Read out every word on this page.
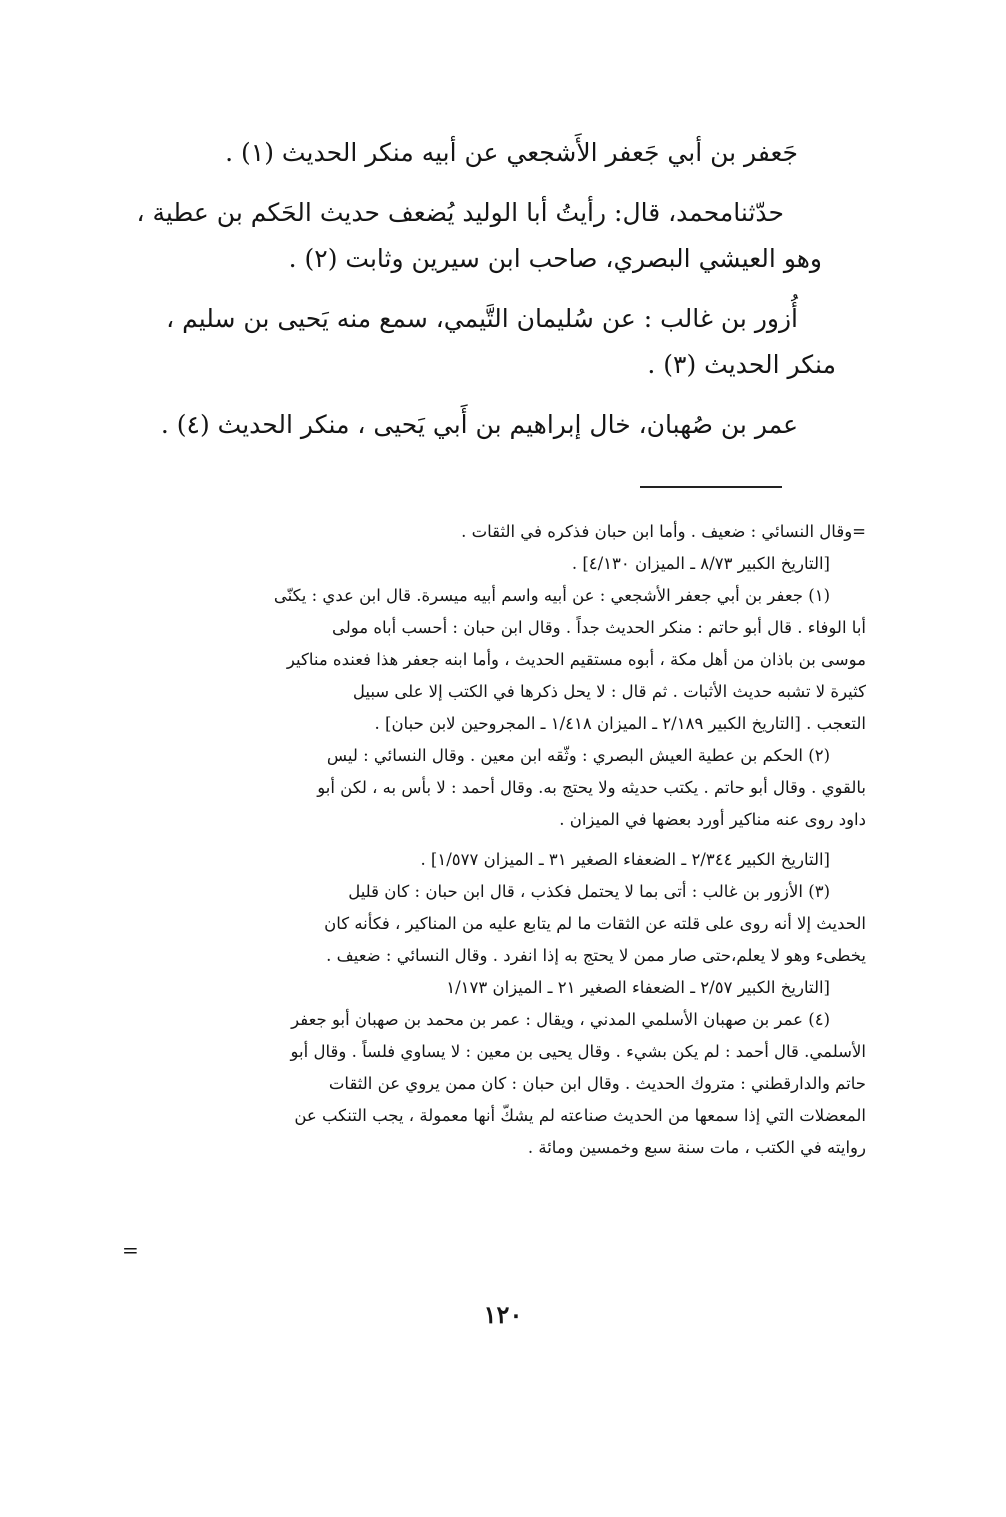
جَعفر بن أبي جَعفر الأَشجعي عن أبيه منكر الحديث (١) .
حدّثنامحمد، قال: رأيتُ أبا الوليد يُضعف حديث الحَكم بن عطية ،
وهو العيشي البصري، صاحب ابن سيرين وثابت (٢) .
أُزور بن غالب : عن سُليمان التَّيمي، سمع منه يَحيى بن سليم ،
منكر الحديث (٣) .
عمر بن صُهبان، خال إبراهيم بن أَبي يَحيى ، منكر الحديث (٤) .
=وقال النسائي : ضعيف . وأما ابن حبان فذكره في الثقات .
[التاريخ الكبير ٨/٧٣ ـ الميزان ٤/١٣٠] .
(١) جعفر بن أبي جعفر الأشجعي : عن أبيه واسم أبيه ميسرة. قال ابن عدي : يكنّى
أبا الوفاء . قال أبو حاتم : منكر الحديث جداً . وقال ابن حبان : أحسب أباه مولى
موسى بن باذان من أهل مكة ، أبوه مستقيم الحديث ، وأما ابنه جعفر هذا فعنده مناكير
كثيرة لا تشبه حديث الأثبات . ثم قال : لا يحل ذكرها في الكتب إلا على سبيل
التعجب . [التاريخ الكبير ٢/١٨٩ ـ الميزان ١/٤١٨ ـ المجروحين لابن حبان] .
(٢) الحكم بن عطية العيش البصري : وثّقه ابن معين . وقال النسائي : ليس
بالقوي . وقال أبو حاتم . يكتب حديثه ولا يحتج به. وقال أحمد : لا بأس به ، لكن أبو
داود روى عنه مناكير أورد بعضها في الميزان .
[التاريخ الكبير ٢/٣٤٤ ـ الضعفاء الصغير ٣١ ـ الميزان ١/٥٧٧] .
(٣) الأزور بن غالب : أتى بما لا يحتمل فكذب ، قال ابن حبان : كان قليل
الحديث إلا أنه روى على قلته عن الثقات ما لم يتابع عليه من المناكير ، فكأنه كان
يخطىء وهو لا يعلم،حتى صار ممن لا يحتج به إذا انفرد . وقال النسائي : ضعيف .
[التاريخ الكبير ٢/٥٧ ـ الضعفاء الصغير ٢١ ـ الميزان ١/١٧٣
(٤) عمر بن صهبان الأسلمي المدني ، ويقال : عمر بن محمد بن صهبان أبو جعفر
الأسلمي. قال أحمد : لم يكن بشيء . وقال يحيى بن معين : لا يساوي فلساً . وقال أبو
حاتم والدارقطني : متروك الحديث . وقال ابن حبان : كان ممن يروي عن الثقات
المعضلات التي إذا سمعها من الحديث صناعته لم يشكّ أنها معمولة ، يجب التنكب عن
روايته في الكتب ، مات سنة سبع وخمسين ومائة .
=
١٢٠
